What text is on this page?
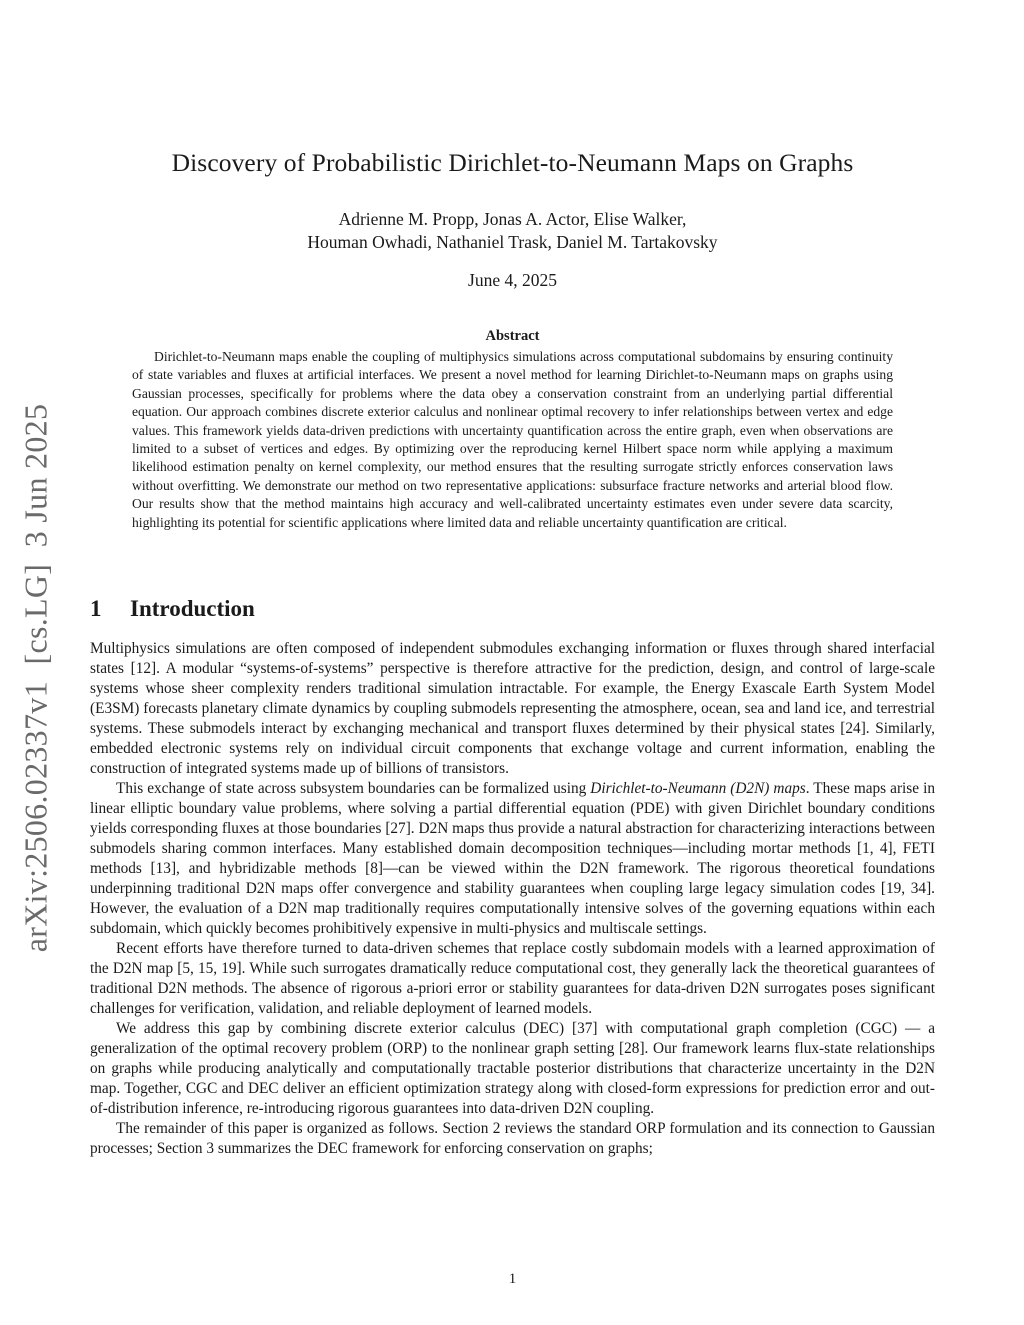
arXiv:2506.02337v1  [cs.LG]  3 Jun 2025
Discovery of Probabilistic Dirichlet-to-Neumann Maps on Graphs
Adrienne M. Propp, Jonas A. Actor, Elise Walker,
Houman Owhadi, Nathaniel Trask, Daniel M. Tartakovsky
June 4, 2025
Abstract

Dirichlet-to-Neumann maps enable the coupling of multiphysics simulations across computational subdomains by ensuring continuity of state variables and fluxes at artificial interfaces. We present a novel method for learning Dirichlet-to-Neumann maps on graphs using Gaussian processes, specifically for problems where the data obey a conservation constraint from an underlying partial differential equation. Our approach combines discrete exterior calculus and nonlinear optimal recovery to infer relationships between vertex and edge values. This framework yields data-driven predictions with uncertainty quantification across the entire graph, even when observations are limited to a subset of vertices and edges. By optimizing over the reproducing kernel Hilbert space norm while applying a maximum likelihood estimation penalty on kernel complexity, our method ensures that the resulting surrogate strictly enforces conservation laws without overfitting. We demonstrate our method on two representative applications: subsurface fracture networks and arterial blood flow. Our results show that the method maintains high accuracy and well-calibrated uncertainty estimates even under severe data scarcity, highlighting its potential for scientific applications where limited data and reliable uncertainty quantification are critical.

1 Introduction

Multiphysics simulations are often composed of independent submodules exchanging information or fluxes through shared interfacial states [12]. A modular “systems-of-systems” perspective is therefore attractive for the prediction, design, and control of large-scale systems whose sheer complexity renders traditional simulation intractable. For example, the Energy Exascale Earth System Model (E3SM) forecasts planetary climate dynamics by coupling submodels representing the atmosphere, ocean, sea and land ice, and terrestrial systems. These submodels interact by exchanging mechanical and transport fluxes determined by their physical states [24]. Similarly, embedded electronic systems rely on individual circuit components that exchange voltage and current information, enabling the construction of integrated systems made up of billions of transistors.

This exchange of state across subsystem boundaries can be formalized using Dirichlet-to-Neumann (D2N) maps. These maps arise in linear elliptic boundary value problems, where solving a partial differential equation (PDE) with given Dirichlet boundary conditions yields corresponding fluxes at those boundaries [27]. D2N maps thus provide a natural abstraction for characterizing interactions between submodels sharing common interfaces. Many established domain decomposition techniques—including mortar methods [1, 4], FETI methods [13], and hybridizable methods [8]—can be viewed within the D2N framework. The rigorous theoretical foundations underpinning traditional D2N maps offer convergence and stability guarantees when coupling large legacy simulation codes [19, 34]. However, the evaluation of a D2N map traditionally requires computationally intensive solves of the governing equations within each subdomain, which quickly becomes prohibitively expensive in multi-physics and multiscale settings.

Recent efforts have therefore turned to data-driven schemes that replace costly subdomain models with a learned approximation of the D2N map [5, 15, 19]. While such surrogates dramatically reduce computational cost, they generally lack the theoretical guarantees of traditional D2N methods. The absence of rigorous a-priori error or stability guarantees for data-driven D2N surrogates poses significant challenges for verification, validation, and reliable deployment of learned models.

We address this gap by combining discrete exterior calculus (DEC) [37] with computational graph completion (CGC) — a generalization of the optimal recovery problem (ORP) to the nonlinear graph setting [28]. Our framework learns flux-state relationships on graphs while producing analytically and computationally tractable posterior distributions that characterize uncertainty in the D2N map. Together, CGC and DEC deliver an efficient optimization strategy along with closed-form expressions for prediction error and out-of-distribution inference, re-introducing rigorous guarantees into data-driven D2N coupling.

The remainder of this paper is organized as follows. Section 2 reviews the standard ORP formulation and its connection to Gaussian processes; Section 3 summarizes the DEC framework for enforcing conservation on graphs;

1
